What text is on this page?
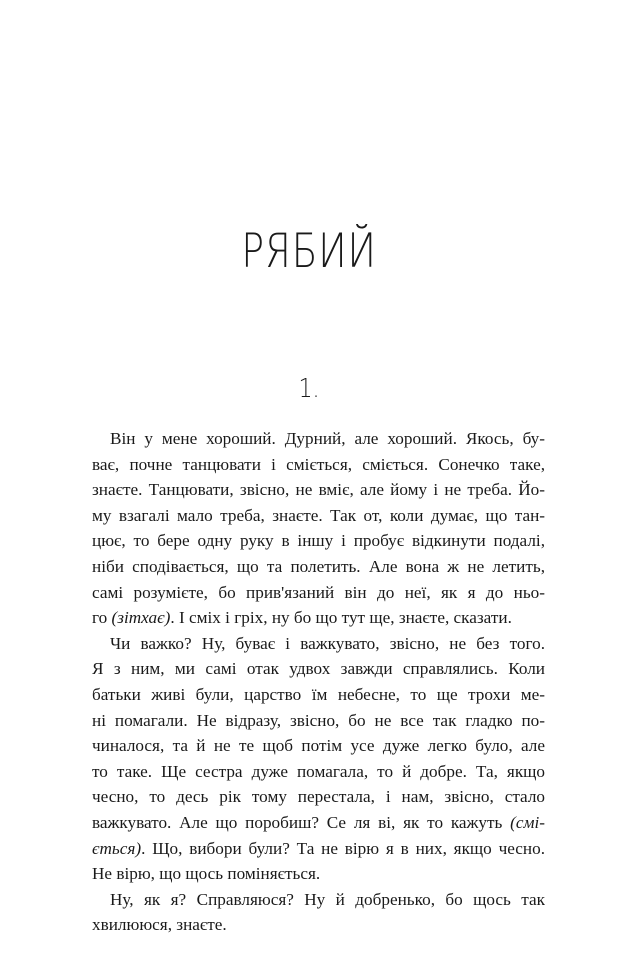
РЯБИЙ
1.
Він у мене хороший. Дурний, але хороший. Якось, бу-
ває, почне танцювати і сміється, сміється. Сонечко таке,
знаєте. Танцювати, звісно, не вміє, але йому і не треба. Йо-
му взагалі мало треба, знаєте. Так от, коли думає, що тан-
цює, то бере одну руку в іншу і пробує відкинути подалі,
ніби сподівається, що та полетить. Але вона ж не летить,
самі розумієте, бо прив'язаний він до неї, як я до ньо-
го (зітхає). І сміх і гріх, ну бо що тут ще, знаєте, сказати.
Чи важко? Ну, буває і важкувато, звісно, не без того.
Я з ним, ми самі отак удвох завжди справлялись. Коли
батьки живі були, царство їм небесне, то ще трохи ме-
ні помагали. Не відразу, звісно, бо не все так гладко по-
чиналося, та й не те щоб потім усе дуже легко було, але
то таке. Ще сестра дуже помагала, то й добре. Та, якщо
чесно, то десь рік тому перестала, і нам, звісно, стало
важкувато. Але що поробиш? Се ля ві, як то кажуть (смі-
ється). Що, вибори були? Та не вірю я в них, якщо чесно.
Не вірю, що щось поміняється.
Ну, як я? Справляюся? Ну й добренько, бо щось так
хвилююся, знаєте.
